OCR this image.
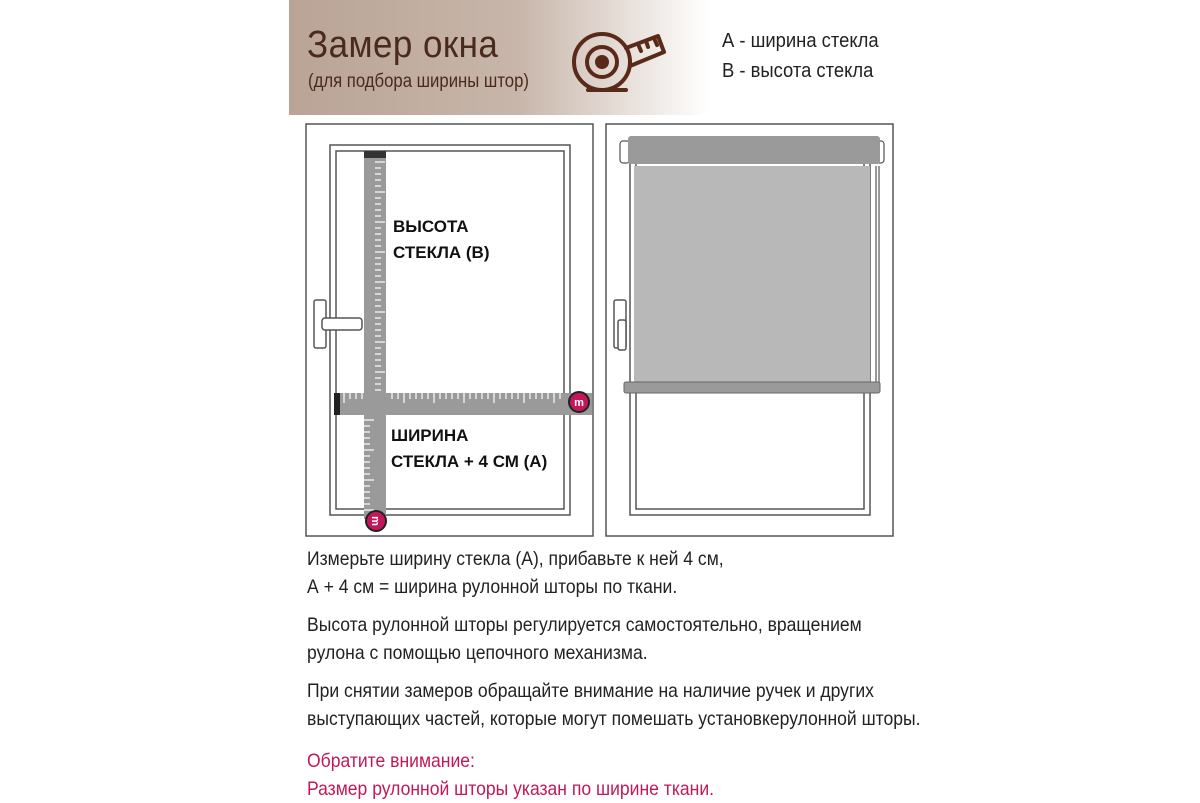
Замер окна
(для подбора ширины штор)
А - ширина стекла
В - высота стекла
m
m
ВЫСОТА
СТЕКЛА (В)
ШИРИНА
СТЕКЛА + 4 СМ (А)
Измерьте ширину стекла (А), прибавьте к ней 4 см,
А + 4 см = ширина рулонной шторы по ткани.
Высота рулонной шторы регулируется самостоятельно, вращением
рулона с помощью цепочного механизма.
При снятии замеров обращайте внимание на наличие ручек и других
выступающих частей, которые могут помешать установкерулонной шторы.
Обратите внимание:
Размер рулонной шторы указан по ширине ткани.
